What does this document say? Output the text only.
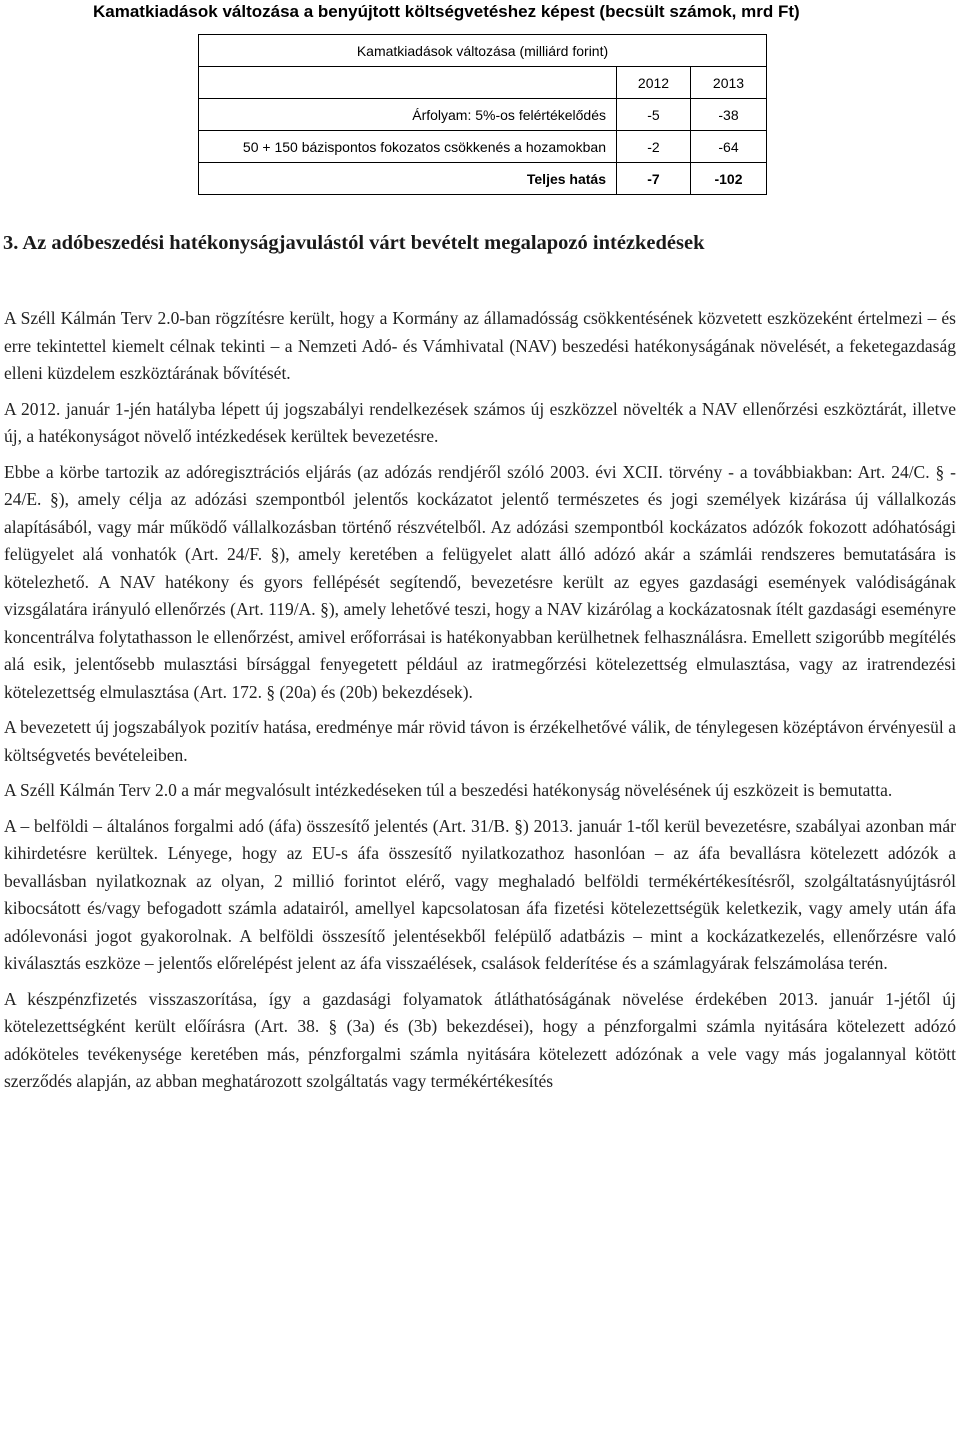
Kamatkiadások változása a benyújtott költségvetéshez képest (becsült számok, mrd Ft)
Kamatkiadások változása (milliárd forint)		
	2012	2013
Árfolyam: 5%-os felértékelődés	-5	-38
50 + 150 bázispontos fokozatos csökkenés a hozamokban	-2	-64
Teljes hatás	-7	-102
3. Az adóbeszedési hatékonyságjavulástól várt bevételt megalapozó intézkedések

A Széll Kálmán Terv 2.0-ban rögzítésre került, hogy a Kormány az államadósság csökkentésének közvetett eszközeként értelmezi – és erre tekintettel kiemelt célnak tekinti – a Nemzeti Adó- és Vámhivatal (NAV) beszedési hatékonyságának növelését, a feketegazdaság elleni küzdelem eszköztárának bővítését.

A 2012. január 1-jén hatályba lépett új jogszabályi rendelkezések számos új eszközzel növelték a NAV ellenőrzési eszköztárát, illetve új, a hatékonyságot növelő intézkedések kerültek bevezetésre.

Ebbe a körbe tartozik az adóregisztrációs eljárás (az adózás rendjéről szóló 2003. évi XCII. törvény - a továbbiakban: Art. 24/C. § - 24/E. §), amely célja az adózási szempontból jelentős kockázatot jelentő természetes és jogi személyek kizárása új vállalkozás alapításából, vagy már működő vállalkozásban történő részvételből. Az adózási szempontból kockázatos adózók fokozott adóhatósági felügyelet alá vonhatók (Art. 24/F. §), amely keretében a felügyelet alatt álló adózó akár a számlái rendszeres bemutatására is kötelezhető. A NAV hatékony és gyors fellépését segítendő, bevezetésre került az egyes gazdasági események valódiságának vizsgálatára irányuló ellenőrzés (Art. 119/A. §), amely lehetővé teszi, hogy a NAV kizárólag a kockázatosnak ítélt gazdasági eseményre koncentrálva folytathasson le ellenőrzést, amivel erőforrásai is hatékonyabban kerülhetnek felhasználásra. Emellett szigorúbb megítélés alá esik, jelentősebb mulasztási bírsággal fenyegetett például az iratmegőrzési kötelezettség elmulasztása, vagy az iratrendezési kötelezettség elmulasztása (Art. 172. § (20a) és (20b) bekezdések).

A bevezetett új jogszabályok pozitív hatása, eredménye már rövid távon is érzékelhetővé válik, de ténylegesen középtávon érvényesül a költségvetés bevételeiben.

A Széll Kálmán Terv 2.0 a már megvalósult intézkedéseken túl a beszedési hatékonyság növelésének új eszközeit is bemutatta.

A – belföldi – általános forgalmi adó (áfa) összesítő jelentés (Art. 31/B. §) 2013. január 1-től kerül bevezetésre, szabályai azonban már kihirdetésre kerültek. Lényege, hogy az EU-s áfa összesítő nyilatkozathoz hasonlóan – az áfa bevallásra kötelezett adózók a bevallásban nyilatkoznak az olyan, 2 millió forintot elérő, vagy meghaladó belföldi termékértékesítésről, szolgáltatásnyújtásról kibocsátott és/vagy befogadott számla adatairól, amellyel kapcsolatosan áfa fizetési kötelezettségük keletkezik, vagy amely után áfa adólevonási jogot gyakorolnak. A belföldi összesítő jelentésekből felépülő adatbázis – mint a kockázatkezelés, ellenőrzésre való kiválasztás eszköze – jelentős előrelépést jelent az áfa visszaélések, csalások felderítése és a számlagyárak felszámolása terén.

A készpénzfizetés visszaszorítása, így a gazdasági folyamatok átláthatóságának növelése érdekében 2013. január 1-jétől új kötelezettségként került előírásra (Art. 38. § (3a) és (3b) bekezdései), hogy a pénzforgalmi számla nyitására kötelezett adózó adóköteles tevékenysége keretében más, pénzforgalmi számla nyitására kötelezett adózónak a vele vagy más jogalannyal kötött szerződés alapján, az abban meghatározott szolgáltatás vagy termékértékesítés
